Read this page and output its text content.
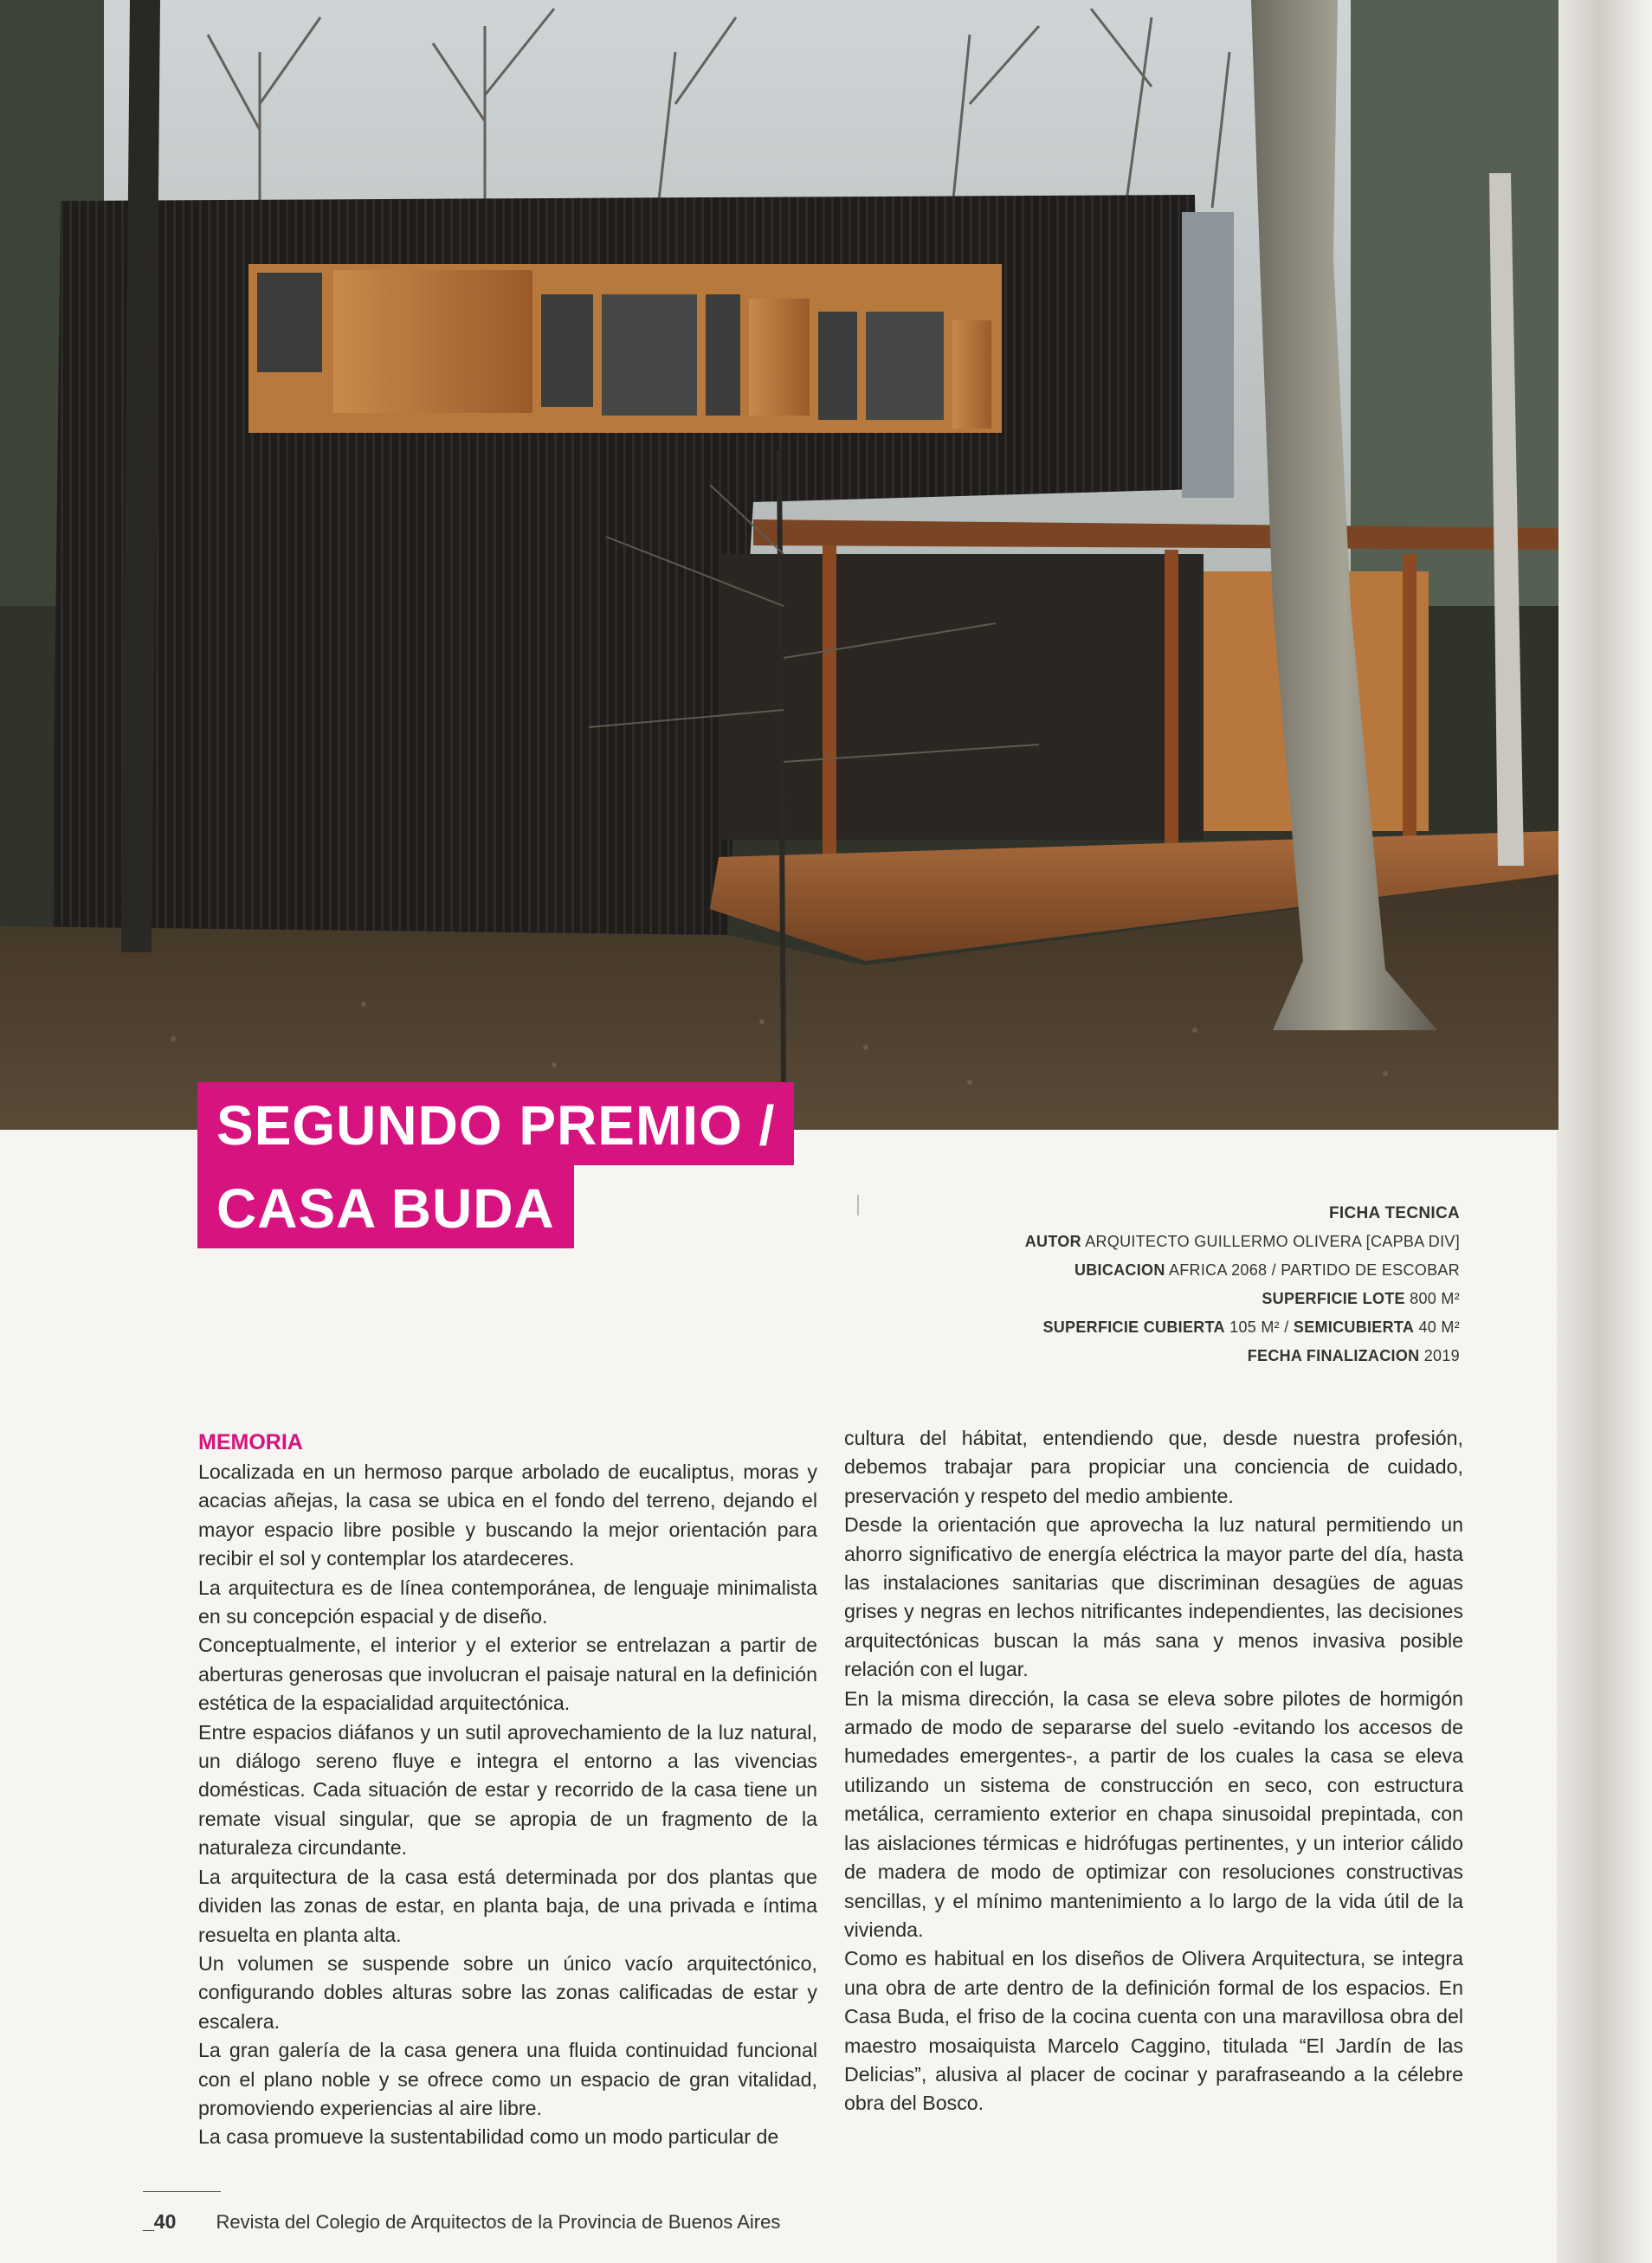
SEGUNDO PREMIO /
CASA BUDA	FICHA TECNICA
AUTOR ARQUITECTO GUILLERMO OLIVERA [CAPBA DIV]
UBICACION AFRICA 2068 / PARTIDO DE ESCOBAR
SUPERFICIE LOTE 800 M²
SUPERFICIE CUBIERTA 105 M² / SEMICUBIERTA 40 M²
FECHA FINALIZACION 2019
MEMORIA

Localizada en un hermoso parque arbolado de eucaliptus, moras y acacias añejas, la casa se ubica en el fondo del terreno, dejando el mayor espacio libre posible y buscando la mejor orientación para recibir el sol y contemplar los atardeceres.

La arquitectura es de línea contemporánea, de lenguaje minimalista en su concepción espacial y de diseño.

Conceptualmente, el interior y el exterior se entrelazan a partir de aberturas generosas que involucran el paisaje natural en la definición estética de la espacialidad arquitectónica.

Entre espacios diáfanos y un sutil aprovechamiento de la luz natural, un diálogo sereno fluye e integra el entorno a las vivencias domésticas. Cada situación de estar y recorrido de la casa tiene un remate visual singular, que se apropia de un fragmento de la naturaleza circundante.

La arquitectura de la casa está determinada por dos plantas que dividen las zonas de estar, en planta baja, de una privada e íntima resuelta en planta alta.

Un volumen se suspende sobre un único vacío arquitectónico, configurando dobles alturas sobre las zonas calificadas de estar y escalera.

La gran galería de la casa genera una fluida continuidad funcional con el plano noble y se ofrece como un espacio de gran vitalidad, promoviendo experiencias al aire libre.

La casa promueve la sustentabilidad como un modo particular de

cultura del hábitat, entendiendo que, desde nuestra profesión, debemos trabajar para propiciar una conciencia de cuidado, preservación y respeto del medio ambiente.

Desde la orientación que aprovecha la luz natural permitiendo un ahorro significativo de energía eléctrica la mayor parte del día, hasta las instalaciones sanitarias que discriminan desagües de aguas grises y negras en lechos nitrificantes independientes, las decisiones arquitectónicas buscan la más sana y menos invasiva posible relación con el lugar.

En la misma dirección, la casa se eleva sobre pilotes de hormigón armado de modo de separarse del suelo -evitando los accesos de humedades emergentes-, a partir de los cuales la casa se eleva utilizando un sistema de construcción en seco, con estructura metálica, cerramiento exterior en chapa sinusoidal prepintada, con las aislaciones térmicas e hidrófugas pertinentes, y un interior cálido de madera de modo de optimizar con resoluciones constructivas sencillas, y el mínimo mantenimiento a lo largo de la vida útil de la vivienda.

Como es habitual en los diseños de Olivera Arquitectura, se integra una obra de arte dentro de la definición formal de los espacios. En Casa Buda, el friso de la cocina cuenta con una maravillosa obra del maestro mosaiquista Marcelo Caggino, titulada “El Jardín de las Delicias”, alusiva al placer de cocinar y parafraseando a la célebre obra del Bosco.

_40 Revista del Colegio de Arquitectos de la Provincia de Buenos Aires
